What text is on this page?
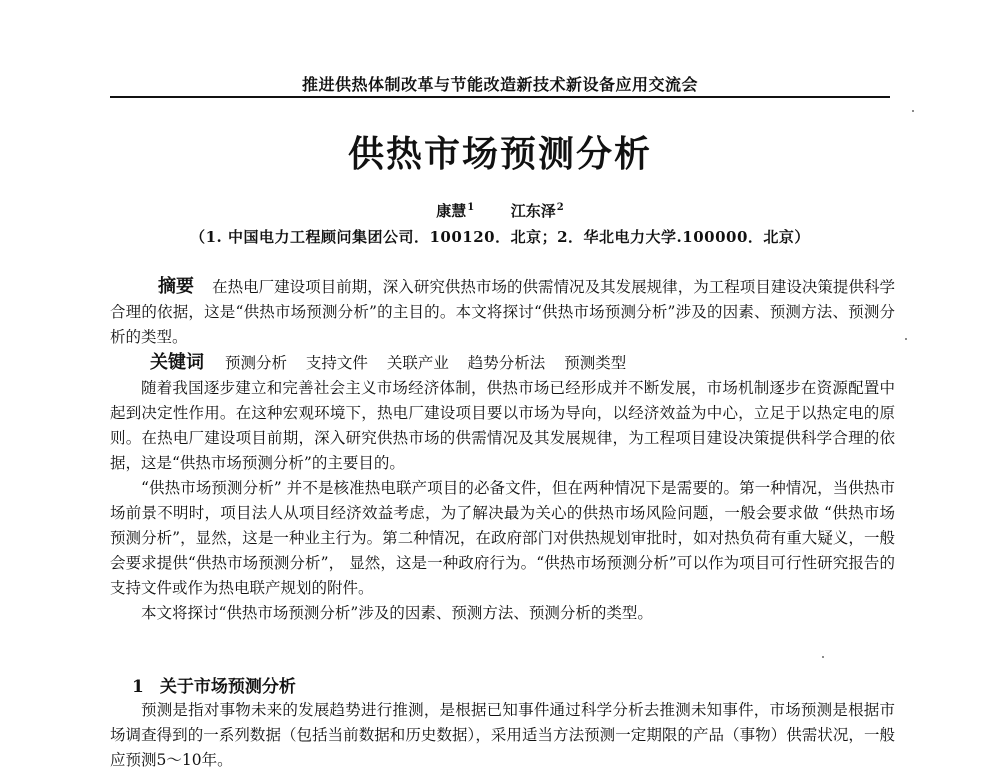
推进供热体制改革与节能改造新技术新设备应用交流会
供热市场预测分析
康慧$^1$ 江东泽$^2$
（1. 中国电力工程顾问集团公司．100120．北京；2．华北电力大学.100000．北京）
摘要 在热电厂建设项目前期，深入研究供热市场的供需情况及其发展规律，为工程项目建设决策提供科学合理的依据，这是“供热市场预测分析”的主目的。本文将探讨“供热市场预测分析”涉及的因素、预测方法、预测分析的类型。
关键词 预测分析 支持文件 关联产业 趋势分析法 预测类型

随着我国逐步建立和完善社会主义市场经济体制，供热市场已经形成并不断发展，市场机制逐步在资源配置中起到决定性作用。在这种宏观环境下，热电厂建设项目要以市场为导向，以经济效益为中心，立足于以热定电的原则。在热电厂建设项目前期，深入研究供热市场的供需情况及其发展规律，为工程项目建设决策提供科学合理的依据，这是“供热市场预测分析”的主要目的。

“供热市场预测分析” 并不是核准热电联产项目的必备文件，但在两种情况下是需要的。第一种情况，当供热市场前景不明时，项目法人从项目经济效益考虑，为了解决最为关心的供热市场风险问题，一般会要求做 “供热市场预测分析”，显然，这是一种业主行为。第二种情况，在政府部门对供热规划审批时，如对热负荷有重大疑义，一般会要求提供“供热市场预测分析”， 显然，这是一种政府行为。“供热市场预测分析”可以作为项目可行性研究报告的支持文件或作为热电联产规划的附件。

本文将探讨“供热市场预测分析”涉及的因素、预测方法、预测分析的类型。

1 关于市场预测分析

预测是指对事物未来的发展趋势进行推测，是根据已知事件通过科学分析去推测未知事件，市场预测是根据市场调查得到的一系列数据（包括当前数据和历史数据），采用适当方法预测一定期限的产品（事物）供需状况，一般应预测5～10年。
